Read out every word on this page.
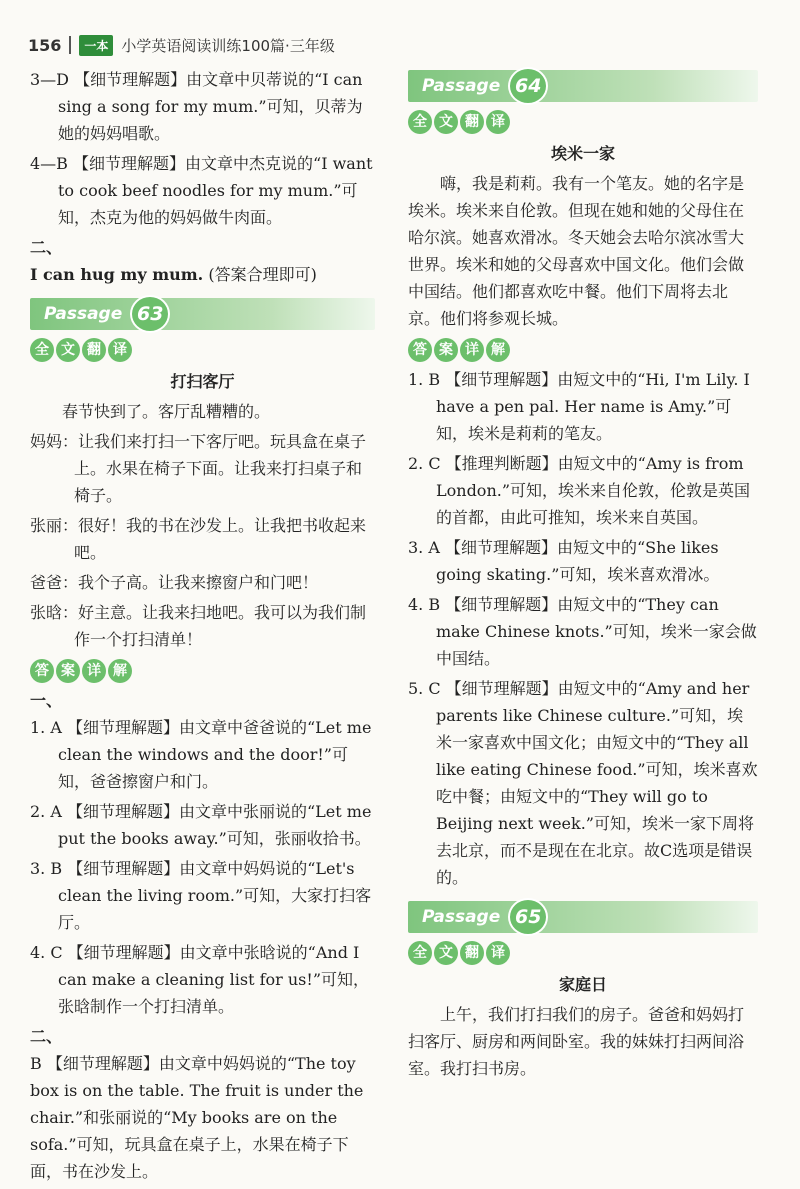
156	一本 小学英语阅读训练100篇·三年级

3—D 【细节理解题】由文章中贝蒂说的“I can sing a song for my mum.”可知，贝蒂为她的妈妈唱歌。

4—B 【细节理解题】由文章中杰克说的“I want to cook beef noodles for my mum.”可知，杰克为他的妈妈做牛肉面。

二、

I can hug my mum. (答案合理即可)

Passage 63
全 文 翻 译

打扫客厅

春节快到了。客厅乱糟糟的。

妈妈：让我们来打扫一下客厅吧。玩具盒在桌子上。水果在椅子下面。让我来打扫桌子和椅子。

张丽：很好！我的书在沙发上。让我把书收起来吧。

爸爸：我个子高。让我来擦窗户和门吧！

张晗：好主意。让我来扫地吧。我可以为我们制作一个打扫清单！

答 案 详 解

一、

1. A 【细节理解题】由文章中爸爸说的“Let me clean the windows and the door!”可知，爸爸擦窗户和门。

2. A 【细节理解题】由文章中张丽说的“Let me put the books away.”可知，张丽收拾书。

3. B 【细节理解题】由文章中妈妈说的“Let's clean the living room.”可知，大家打扫客厅。

4. C 【细节理解题】由文章中张晗说的“And I can make a cleaning list for us!”可知，张晗制作一个打扫清单。

二、

B 【细节理解题】由文章中妈妈说的“The toy box is on the table. The fruit is under the chair.”和张丽说的“My books are on the sofa.”可知，玩具盒在桌子上，水果在椅子下面，书在沙发上。

Passage 64
全 文 翻 译

埃米一家

嗨，我是莉莉。我有一个笔友。她的名字是埃米。埃米来自伦敦。但现在她和她的父母住在哈尔滨。她喜欢滑冰。冬天她会去哈尔滨冰雪大世界。埃米和她的父母喜欢中国文化。他们会做中国结。他们都喜欢吃中餐。他们下周将去北京。他们将参观长城。

答 案 详 解

1. B 【细节理解题】由短文中的“Hi, I'm Lily. I have a pen pal. Her name is Amy.”可知，埃米是莉莉的笔友。

2. C 【推理判断题】由短文中的“Amy is from London.”可知，埃米来自伦敦，伦敦是英国的首都，由此可推知，埃米来自英国。

3. A 【细节理解题】由短文中的“She likes going skating.”可知，埃米喜欢滑冰。

4. B 【细节理解题】由短文中的“They can make Chinese knots.”可知，埃米一家会做中国结。

5. C 【细节理解题】由短文中的“Amy and her parents like Chinese culture.”可知，埃米一家喜欢中国文化；由短文中的“They all like eating Chinese food.”可知，埃米喜欢吃中餐；由短文中的“They will go to Beijing next week.”可知，埃米一家下周将去北京，而不是现在在北京。故C选项是错误的。

Passage 65
全 文 翻 译

家庭日

上午，我们打扫我们的房子。爸爸和妈妈打扫客厅、厨房和两间卧室。我的妹妹打扫两间浴室。我打扫书房。
